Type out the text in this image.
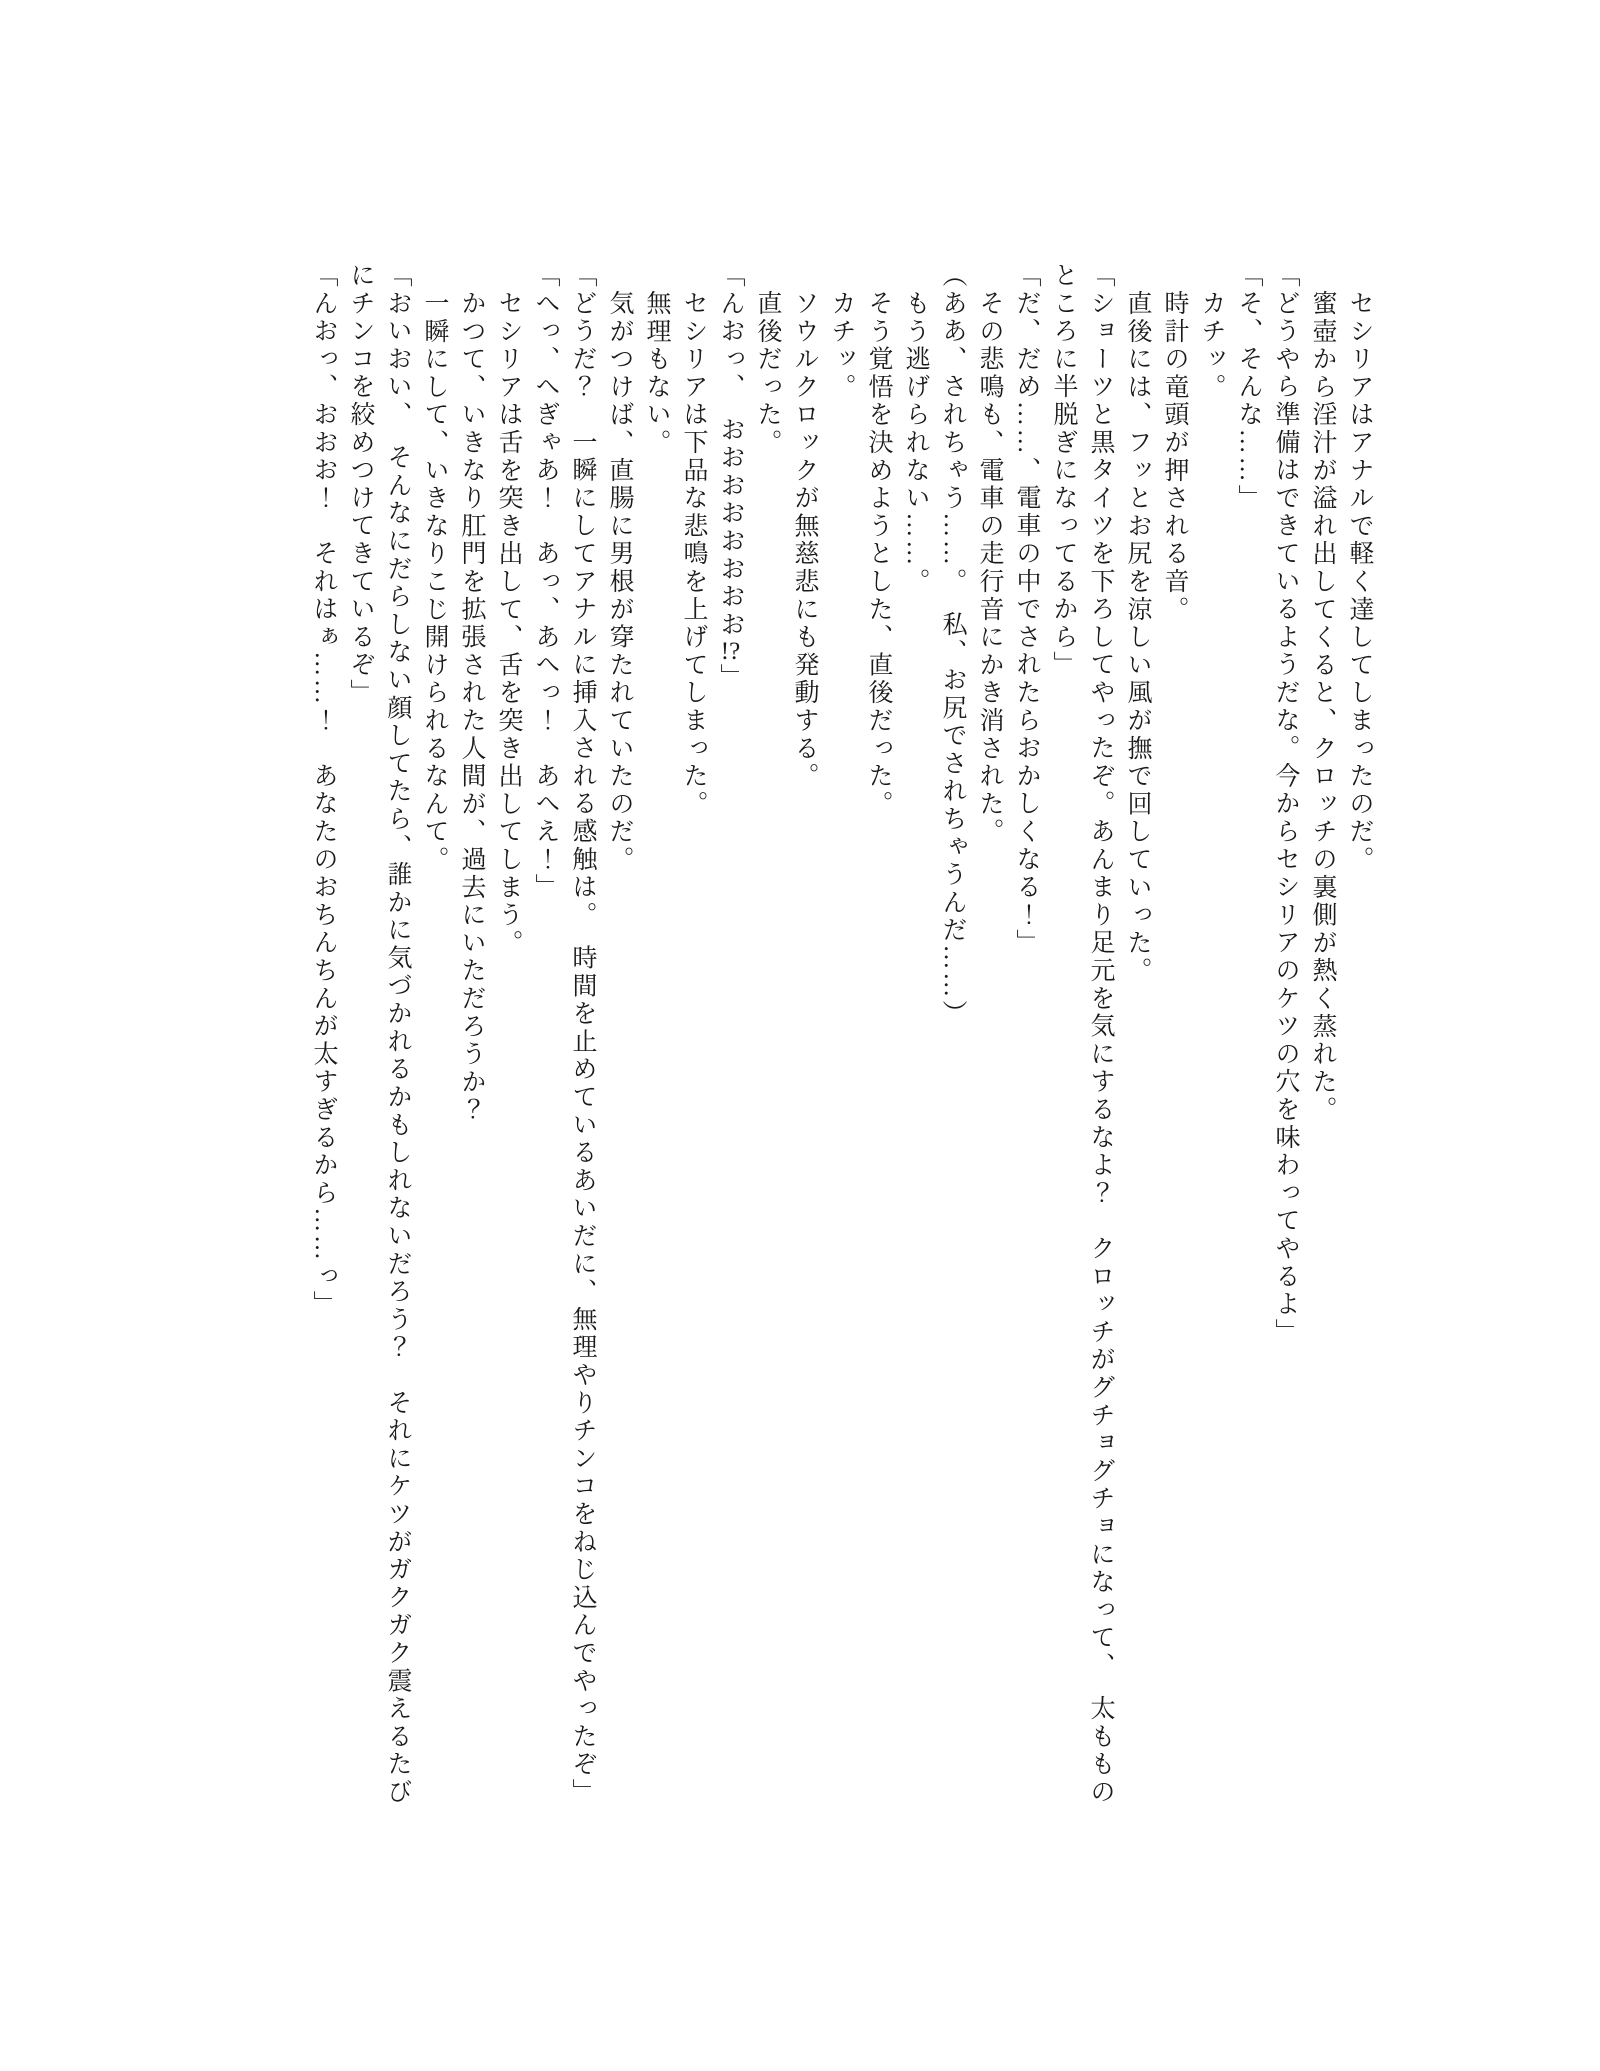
セシリアはアナルで軽く達してしまったのだ。

蜜壺から淫汁が溢れ出してくると、クロッチの裏側が熱く蒸れた。

「どうやら準備はできているようだな。今からセシリアのケツの穴を味わってやるよ」

「そ、そんな……」

カチッ。

時計の竜頭が押される音。

直後には、フッとお尻を涼しい風が撫で回していった。

「ショーツと黒タイツを下ろしてやったぞ。あんまり足元を気にするなよ？　クロッチがグチョグチョになって、　太もものところに半脱ぎになってるから」

「だ、だめ……、電車の中でされたらおかしくなる！」

その悲鳴も、電車の走行音にかき消された。

（ああ、されちゃう……。　私、お尻でされちゃうんだ……）

もう逃げられない……。

そう覚悟を決めようとした、直後だった。

カチッ。

ソウルクロックが無慈悲にも発動する。

直後だった。

「んおっ、　おおおおおおおお!?」

セシリアは下品な悲鳴を上げてしまった。

無理もない。

気がつけば、直腸に男根が穿たれていたのだ。

「どうだ？　一瞬にしてアナルに挿入される感触は。　時間を止めているあいだに、無理やりチンコをねじ込んでやったぞ」

「へっ、へぎゃあ！　あっ、あへっ！　あへえ！」

セシリアは舌を突き出して、舌を突き出してしまう。

かつて、いきなり肛門を拡張された人間が、過去にいただろうか？

一瞬にして、いきなりこじ開けられるなんて。

「おいおい、　そんなにだらしない顔してたら、誰かに気づかれるかもしれないだろう？　それにケツがガクガク震えるたびにチンコを絞めつけてきているぞ」

「んおっ、おおお！　それはぁ……！　あなたのおちんちんが太すぎるから……っ」
